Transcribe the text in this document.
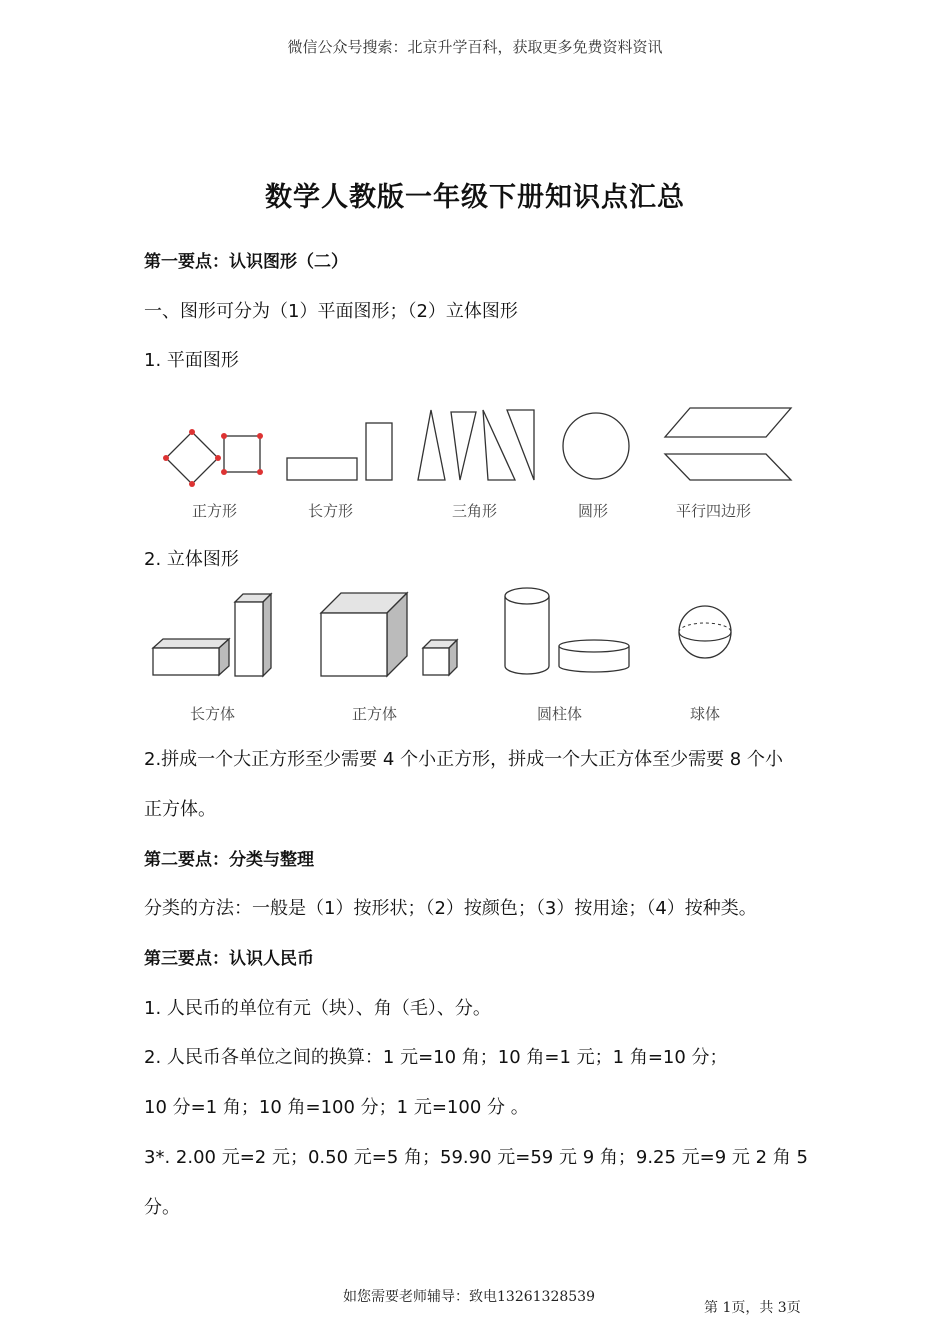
微信公众号搜索：北京升学百科，获取更多免费资料资讯
数学人教版一年级下册知识点汇总
第一要点：认识图形（二）
一、图形可分为（1）平面图形；（2）立体图形
1. 平面图形
正方形	长方形	三角形	圆形	平行四边形
2. 立体图形
长方体	正方体	圆柱体	球体
2.拼成一个大正方形至少需要 4 个小正方形，拼成一个大正方体至少需要 8 个小
正方体。
第二要点：分类与整理
分类的方法：一般是（1）按形状；（2）按颜色；（3）按用途；（4）按种类。
第三要点：认识人民币
1. 人民币的单位有元（块）、角（毛）、分。
2. 人民币各单位之间的换算：1 元=10 角；10 角=1 元；1 角=10 分；
10 分=1 角；10 角=100 分；1 元=100 分 。
3*. 2.00 元=2 元；0.50 元=5 角；59.90 元=59 元 9 角；9.25 元=9 元 2 角 5
分。
如您需要老师辅导：致电13261328539
第 1页，共 3页
